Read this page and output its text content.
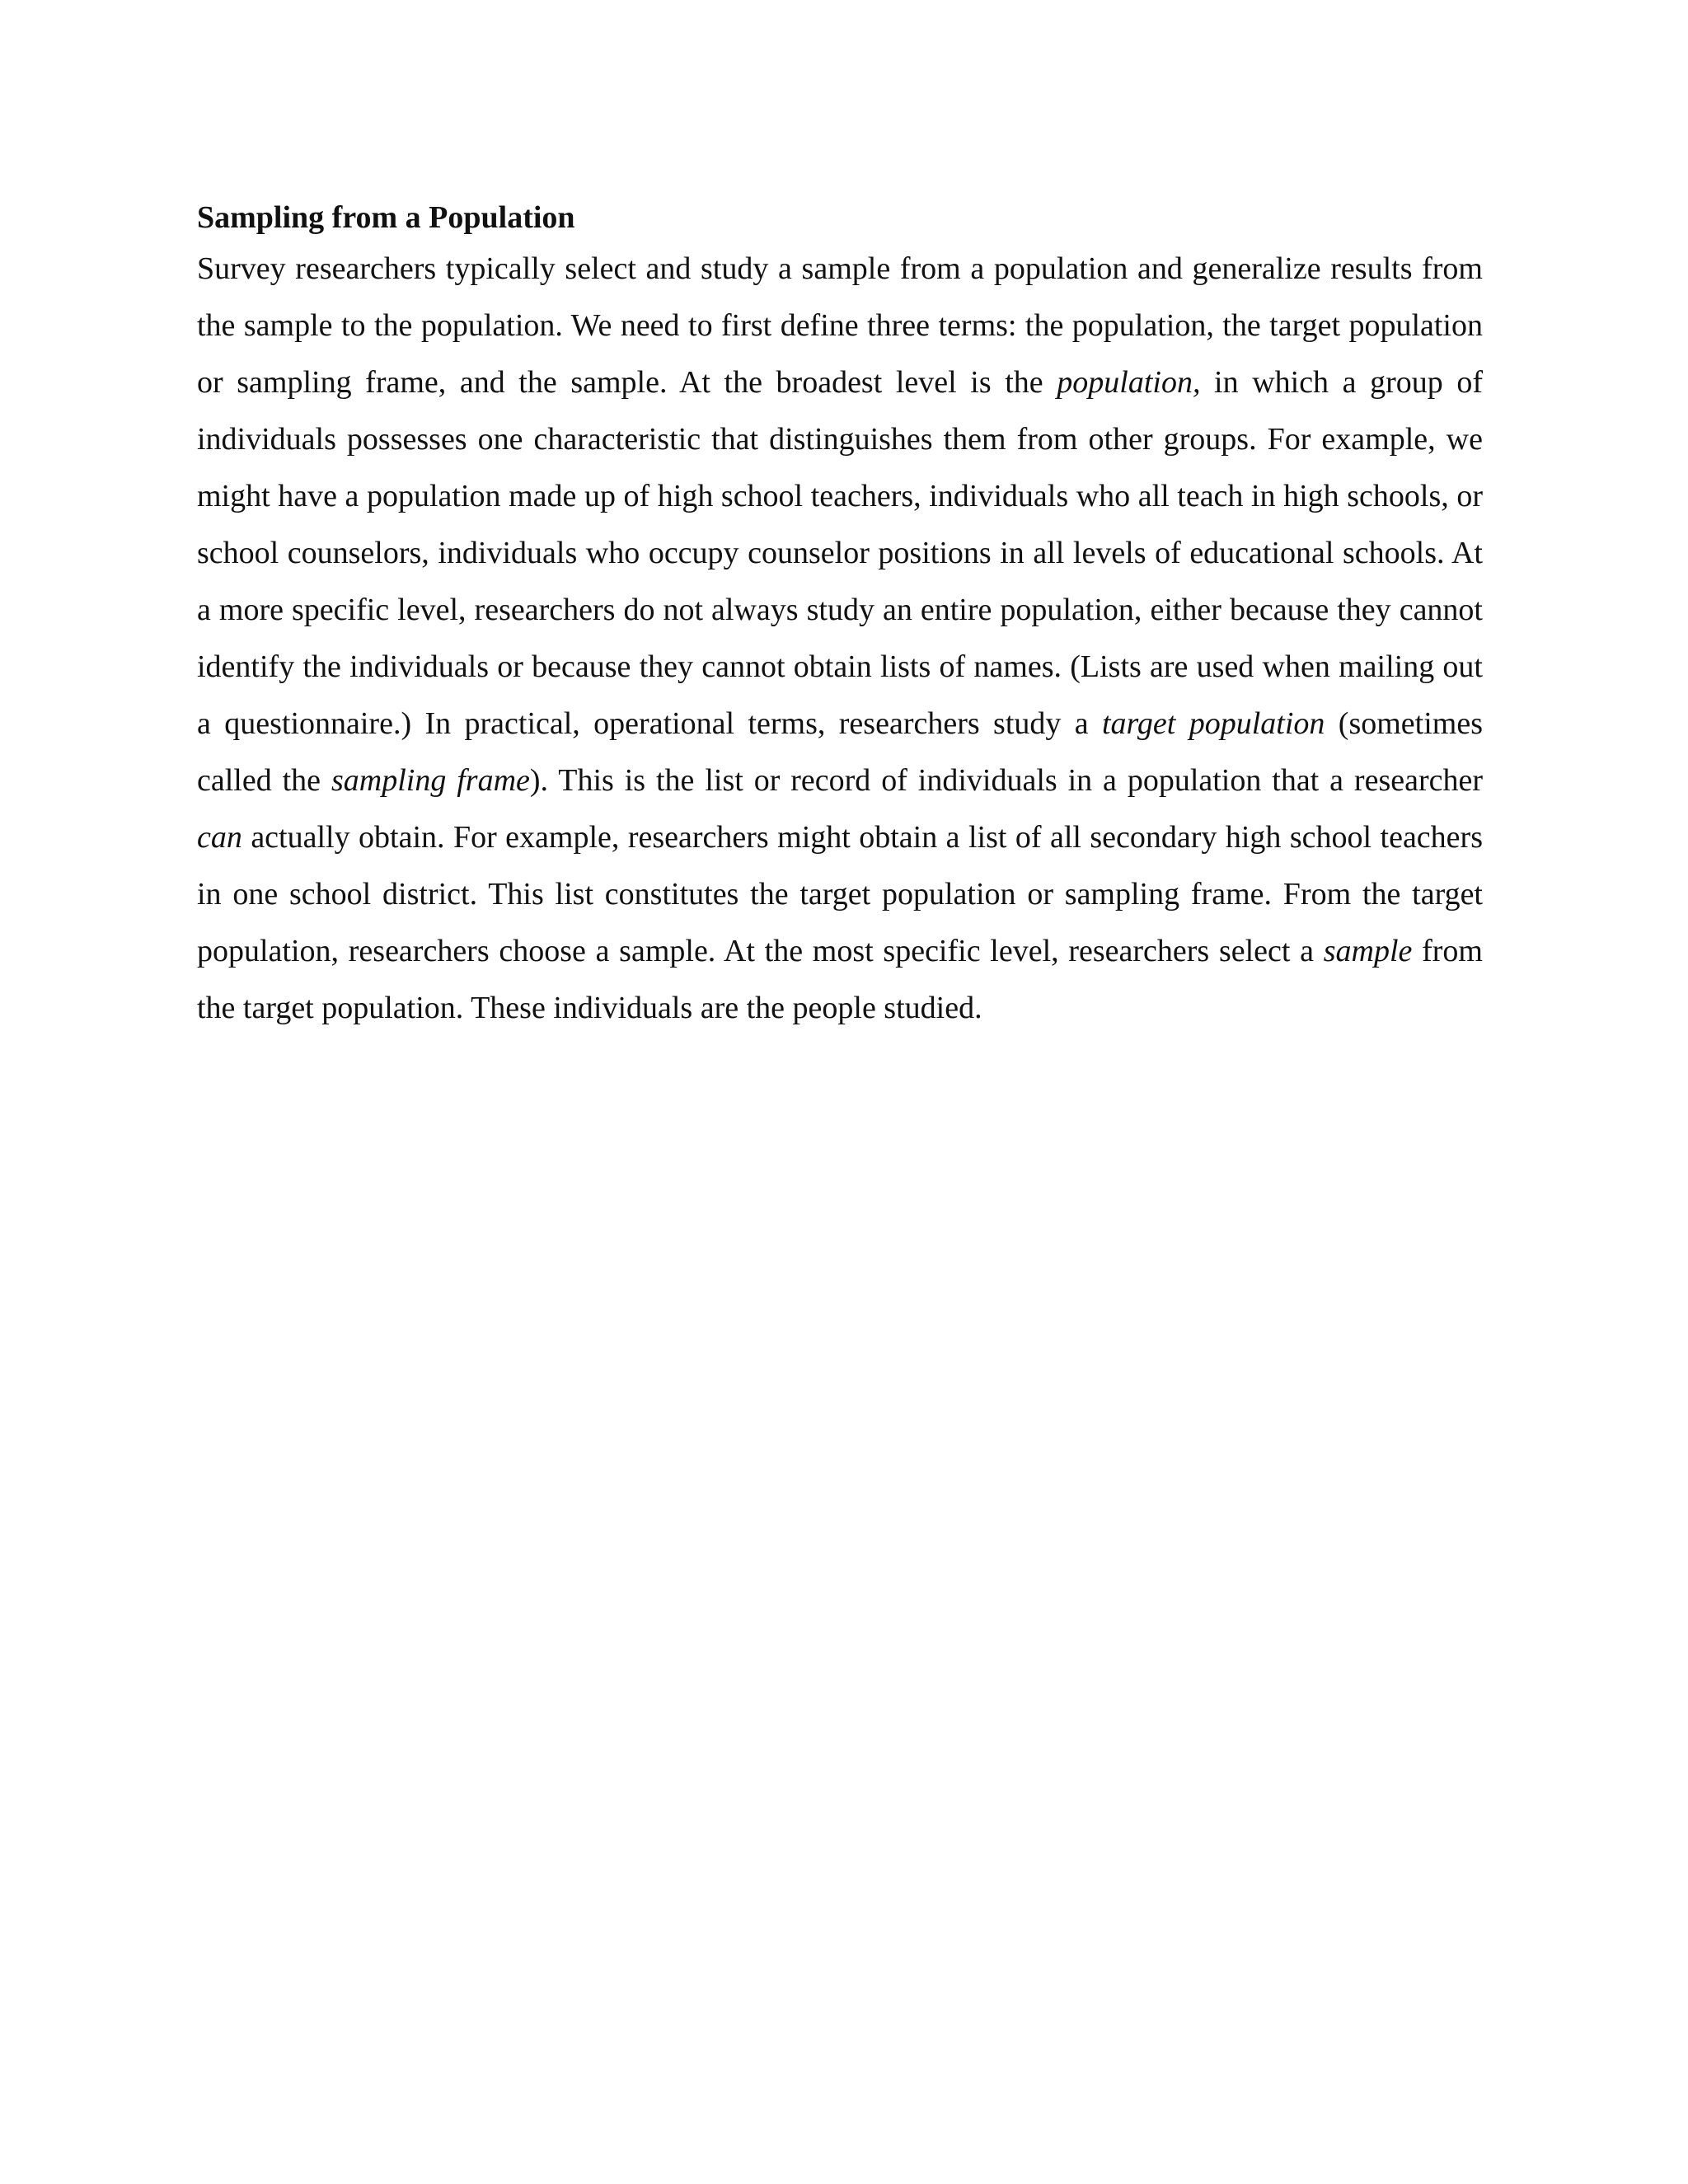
Sampling from a Population

Survey researchers typically select and study a sample from a population and generalize results from the sample to the population. We need to first define three terms: the population, the target population or sampling frame, and the sample. At the broadest level is the population, in which a group of individuals possesses one characteristic that distinguishes them from other groups. For example, we might have a population made up of high school teachers, individuals who all teach in high schools, or school counselors, individuals who occupy counselor positions in all levels of educational schools. At a more specific level, researchers do not always study an entire population, either because they cannot identify the individuals or because they cannot obtain lists of names. (Lists are used when mailing out a questionnaire.) In practical, operational terms, researchers study a target population (sometimes called the sampling frame). This is the list or record of individuals in a population that a researcher can actually obtain. For example, researchers might obtain a list of all secondary high school teachers in one school district. This list constitutes the target population or sampling frame. From the target population, researchers choose a sample. At the most specific level, researchers select a sample from the target population. These individuals are the people studied.
